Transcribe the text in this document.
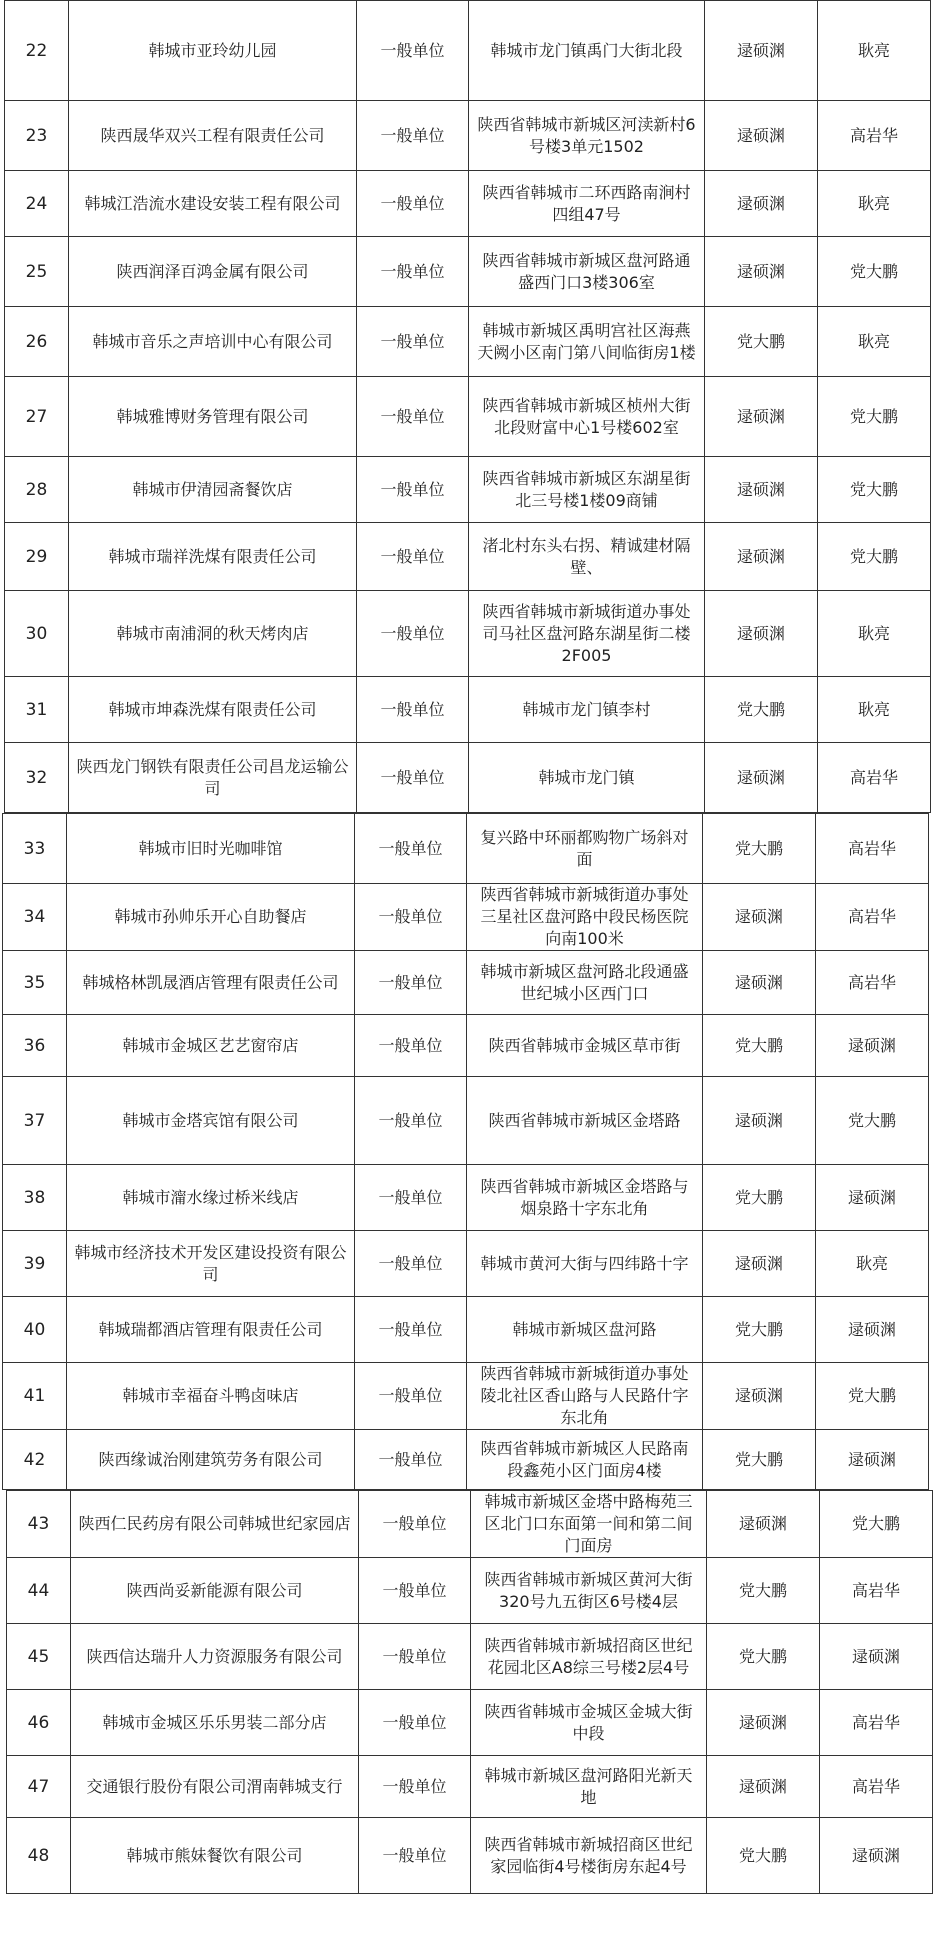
22	韩城市亚玲幼儿园	一般单位	韩城市龙门镇禹门大街北段	逯硕渊	耿亮
23	陕西晟华双兴工程有限责任公司	一般单位	陕西省韩城市新城区河渎新村6号楼3单元1502	逯硕渊	高岩华
24	韩城江浩流水建设安装工程有限公司	一般单位	陕西省韩城市二环西路南涧村四组47号	逯硕渊	耿亮
25	陕西润泽百鸿金属有限公司	一般单位	陕西省韩城市新城区盘河路通盛西门口3楼306室	逯硕渊	党大鹏
26	韩城市音乐之声培训中心有限公司	一般单位	韩城市新城区禹明宫社区海燕天阙小区南门第八间临街房1楼	党大鹏	耿亮
27	韩城雅博财务管理有限公司	一般单位	陕西省韩城市新城区桢州大街北段财富中心1号楼602室	逯硕渊	党大鹏
28	韩城市伊清园斋餐饮店	一般单位	陕西省韩城市新城区东湖星街北三号楼1楼09商铺	逯硕渊	党大鹏
29	韩城市瑞祥洗煤有限责任公司	一般单位	渚北村东头右拐、精诚建材隔壁、	逯硕渊	党大鹏
30	韩城市南浦洞的秋天烤肉店	一般单位	陕西省韩城市新城街道办事处司马社区盘河路东湖星街二楼2F005	逯硕渊	耿亮
31	韩城市坤森洗煤有限责任公司	一般单位	韩城市龙门镇李村	党大鹏	耿亮
32	陕西龙门钢铁有限责任公司昌龙运输公司	一般单位	韩城市龙门镇	逯硕渊	高岩华
33	韩城市旧时光咖啡馆	一般单位	复兴路中环丽都购物广场斜对面	党大鹏	高岩华
34	韩城市孙帅乐开心自助餐店	一般单位	陕西省韩城市新城街道办事处三星社区盘河路中段民杨医院向南100米	逯硕渊	高岩华
35	韩城格林凯晟酒店管理有限责任公司	一般单位	韩城市新城区盘河路北段通盛世纪城小区西门口	逯硕渊	高岩华
36	韩城市金城区艺艺窗帘店	一般单位	陕西省韩城市金城区草市街	党大鹏	逯硕渊
37	韩城市金塔宾馆有限公司	一般单位	陕西省韩城市新城区金塔路	逯硕渊	党大鹏
38	韩城市澝水缘过桥米线店	一般单位	陕西省韩城市新城区金塔路与烟泉路十字东北角	党大鹏	逯硕渊
39	韩城市经济技术开发区建设投资有限公司	一般单位	韩城市黄河大街与四纬路十字	逯硕渊	耿亮
40	韩城瑞都酒店管理有限责任公司	一般单位	韩城市新城区盘河路	党大鹏	逯硕渊
41	韩城市幸福奋斗鸭卤味店	一般单位	陕西省韩城市新城街道办事处陵北社区香山路与人民路什字东北角	逯硕渊	党大鹏
42	陕西缘诚治刚建筑劳务有限公司	一般单位	陕西省韩城市新城区人民路南段鑫苑小区门面房4楼	党大鹏	逯硕渊
43	陕西仁民药房有限公司韩城世纪家园店	一般单位	韩城市新城区金塔中路梅苑三区北门口东面第一间和第二间门面房	逯硕渊	党大鹏
44	陕西尚妥新能源有限公司	一般单位	陕西省韩城市新城区黄河大街320号九五街区6号楼4层	党大鹏	高岩华
45	陕西信达瑞升人力资源服务有限公司	一般单位	陕西省韩城市新城招商区世纪花园北区A8综三号楼2层4号	党大鹏	逯硕渊
46	韩城市金城区乐乐男装二部分店	一般单位	陕西省韩城市金城区金城大街中段	逯硕渊	高岩华
47	交通银行股份有限公司渭南韩城支行	一般单位	韩城市新城区盘河路阳光新天地	逯硕渊	高岩华
48	韩城市熊妹餐饮有限公司	一般单位	陕西省韩城市新城招商区世纪家园临街4号楼街房东起4号	党大鹏	逯硕渊
